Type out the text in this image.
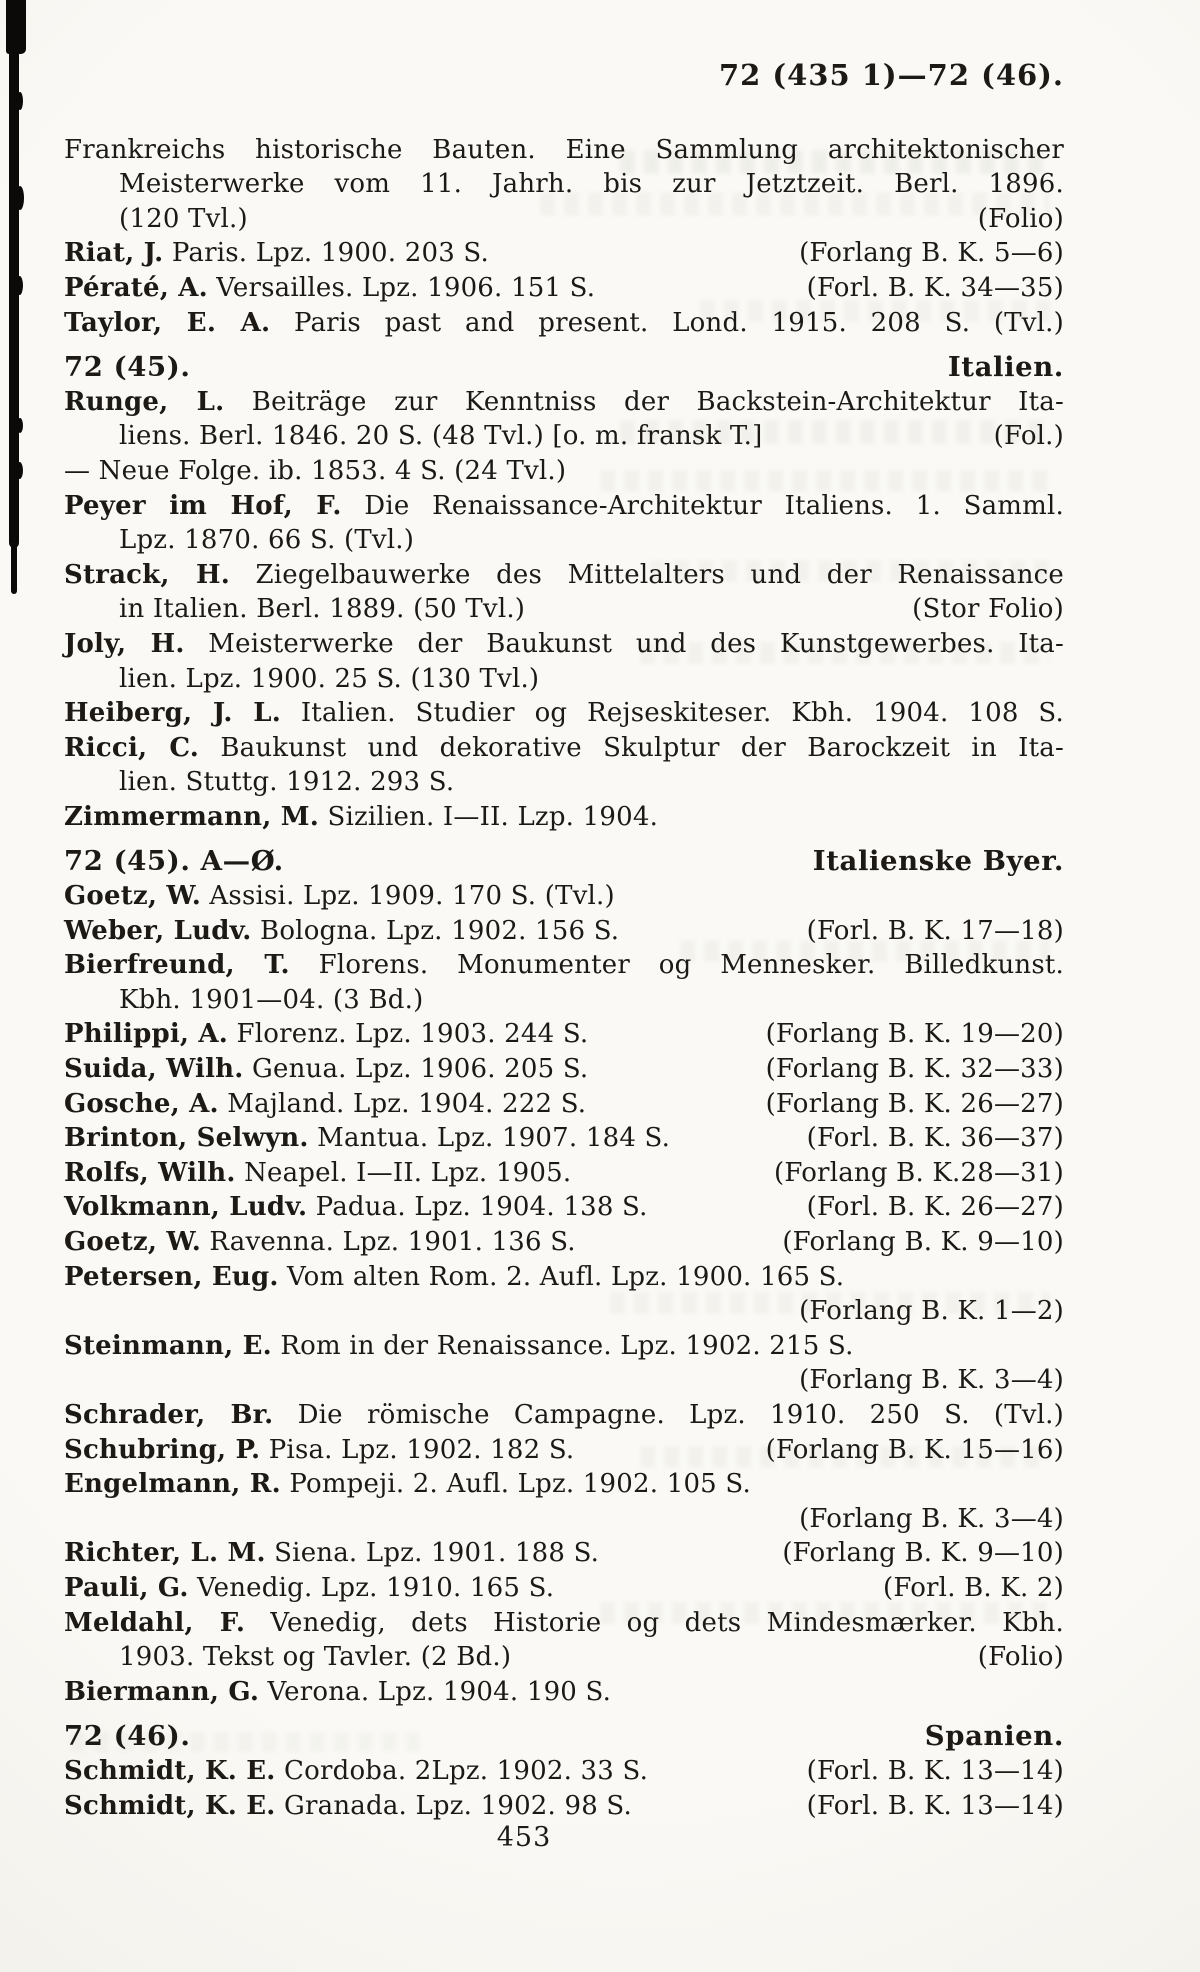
72 (435 1)—72 (46).
Frankreichs historische Bauten. Eine Sammlung architektonischer
Meisterwerke vom 11. Jahrh. bis zur Jetztzeit. Berl. 1896.
(120 Tvl.)	(Folio)
Riat, J. Paris. Lpz. 1900. 203 S.	(Forlang B. K. 5—6)
Pératé, A. Versailles. Lpz. 1906. 151 S.	(Forl. B. K. 34—35)
Taylor, E. A. Paris past and present. Lond. 1915. 208 S. (Tvl.)
72 (45).	Italien.
Runge, L. Beiträge zur Kenntniss der Backstein-Architektur Ita-
liens. Berl. 1846. 20 S. (48 Tvl.) [o. m. fransk T.]	(Fol.)
— Neue Folge. ib. 1853. 4 S. (24 Tvl.)
Peyer im Hof, F. Die Renaissance-Architektur Italiens. 1. Samml.
Lpz. 1870. 66 S. (Tvl.)
Strack, H. Ziegelbauwerke des Mittelalters und der Renaissance
in Italien. Berl. 1889. (50 Tvl.)	(Stor Folio)
Joly, H. Meisterwerke der Baukunst und des Kunstgewerbes. Ita-
lien. Lpz. 1900. 25 S. (130 Tvl.)
Heiberg, J. L. Italien. Studier og Rejseskiteser. Kbh. 1904. 108 S.
Ricci, C. Baukunst und dekorative Skulptur der Barockzeit in Ita-
lien. Stuttg. 1912. 293 S.
Zimmermann, M. Sizilien. I—II. Lzp. 1904.
72 (45). A—Ø.	Italienske Byer.
Goetz, W. Assisi. Lpz. 1909. 170 S. (Tvl.)
Weber, Ludv. Bologna. Lpz. 1902. 156 S.	(Forl. B. K. 17—18)
Bierfreund, T. Florens. Monumenter og Mennesker. Billedkunst.
Kbh. 1901—04. (3 Bd.)
Philippi, A. Florenz. Lpz. 1903. 244 S.	(Forlang B. K. 19—20)
Suida, Wilh. Genua. Lpz. 1906. 205 S.	(Forlang B. K. 32—33)
Gosche, A. Majland. Lpz. 1904. 222 S.	(Forlang B. K. 26—27)
Brinton, Selwyn. Mantua. Lpz. 1907. 184 S.	(Forl. B. K. 36—37)
Rolfs, Wilh. Neapel. I—II. Lpz. 1905.	(Forlang B. K.28—31)
Volkmann, Ludv. Padua. Lpz. 1904. 138 S.	(Forl. B. K. 26—27)
Goetz, W. Ravenna. Lpz. 1901. 136 S.	(Forlang B. K. 9—10)
Petersen, Eug. Vom alten Rom. 2. Aufl. Lpz. 1900. 165 S.
(Forlang B. K. 1—2)
Steinmann, E. Rom in der Renaissance. Lpz. 1902. 215 S.
(Forlang B. K. 3—4)
Schrader, Br. Die römische Campagne. Lpz. 1910. 250 S. (Tvl.)
Schubring, P. Pisa. Lpz. 1902. 182 S.	(Forlang B. K. 15—16)
Engelmann, R. Pompeji. 2. Aufl. Lpz. 1902. 105 S.
(Forlang B. K. 3—4)
Richter, L. M. Siena. Lpz. 1901. 188 S.	(Forlang B. K. 9—10)
Pauli, G. Venedig. Lpz. 1910. 165 S.	(Forl. B. K. 2)
Meldahl, F. Venedig, dets Historie og dets Mindesmærker. Kbh.
1903. Tekst og Tavler. (2 Bd.)	(Folio)
Biermann, G. Verona. Lpz. 1904. 190 S.
72 (46).	Spanien.
Schmidt, K. E. Cordoba. 2Lpz. 1902. 33 S.	(Forl. B. K. 13—14)
Schmidt, K. E. Granada. Lpz. 1902. 98 S.	(Forl. B. K. 13—14)
453
